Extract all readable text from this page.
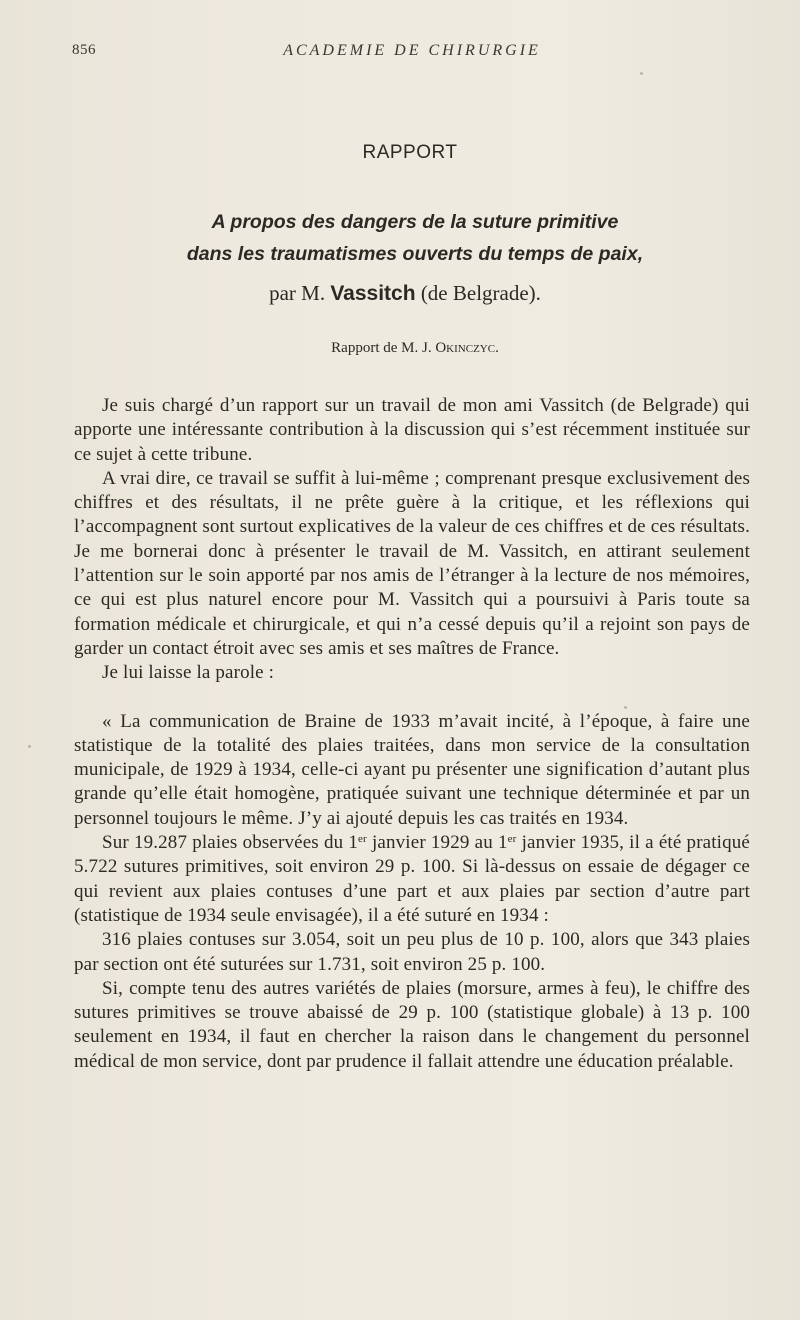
856	ACADEMIE DE CHIRURGIE
RAPPORT
A propos des dangers de la suture primitive
dans les traumatismes ouverts du temps de paix,
par M. Vassitch (de Belgrade).
Rapport de M. J. Okinczyc.

Je suis chargé d’un rapport sur un travail de mon ami Vassitch (de Belgrade) qui apporte une intéressante contribution à la discussion qui s’est récemment instituée sur ce sujet à cette tribune.

A vrai dire, ce travail se suffit à lui-même ; comprenant presque exclusivement des chiffres et des résultats, il ne prête guère à la critique, et les réflexions qui l’accompagnent sont surtout explicatives de la valeur de ces chiffres et de ces résultats. Je me bornerai donc à présenter le travail de M. Vassitch, en attirant seulement l’attention sur le soin apporté par nos amis de l’étranger à la lecture de nos mémoires, ce qui est plus naturel encore pour M. Vassitch qui a poursuivi à Paris toute sa formation médicale et chirurgicale, et qui n’a cessé depuis qu’il a rejoint son pays de garder un contact étroit avec ses amis et ses maîtres de France.

Je lui laisse la parole :

« La communication de Braine de 1933 m’avait incité, à l’époque, à faire une statistique de la totalité des plaies traitées, dans mon service de la consultation municipale, de 1929 à 1934, celle-ci ayant pu présenter une signification d’autant plus grande qu’elle était homogène, pratiquée suivant une technique déterminée et par un personnel toujours le même. J’y ai ajouté depuis les cas traités en 1934.

Sur 19.287 plaies observées du 1er janvier 1929 au 1er janvier 1935, il a été pratiqué 5.722 sutures primitives, soit environ 29 p. 100. Si là-dessus on essaie de dégager ce qui revient aux plaies contuses d’une part et aux plaies par section d’autre part (statistique de 1934 seule envisagée), il a été suturé en 1934 :

316 plaies contuses sur 3.054, soit un peu plus de 10 p. 100, alors que 343 plaies par section ont été suturées sur 1.731, soit environ 25 p. 100.

Si, compte tenu des autres variétés de plaies (morsure, armes à feu), le chiffre des sutures primitives se trouve abaissé de 29 p. 100 (statistique globale) à 13 p. 100 seulement en 1934, il faut en chercher la raison dans le changement du personnel médical de mon service, dont par prudence il fallait attendre une éducation préalable.
